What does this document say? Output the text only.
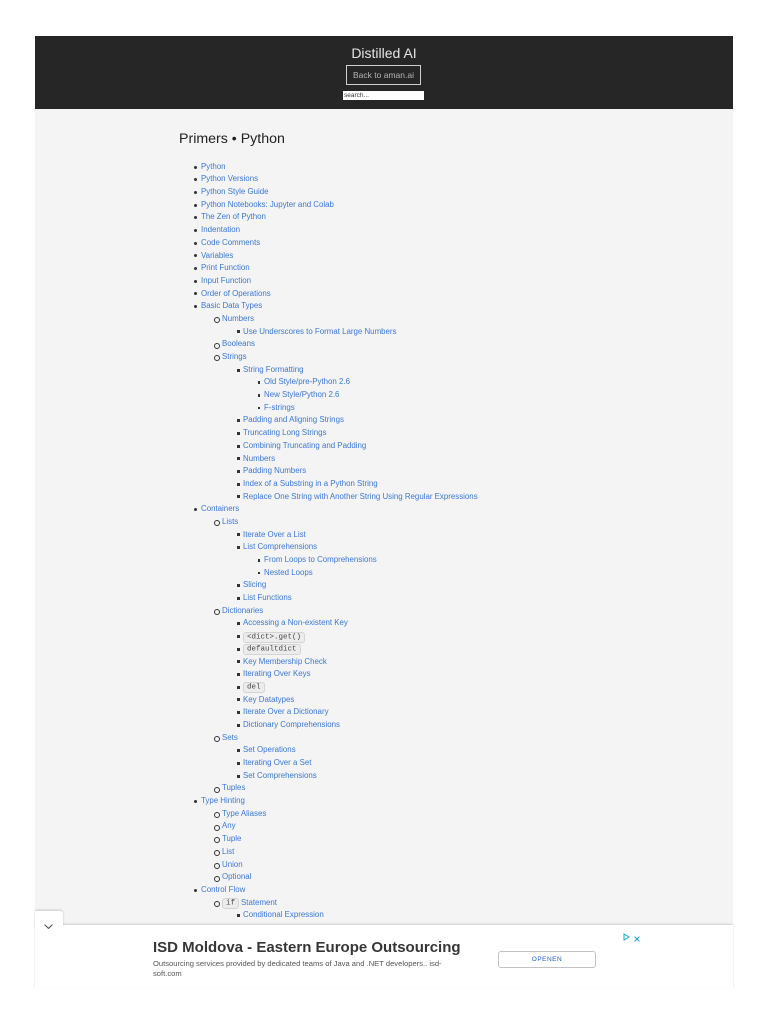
Distilled AI
Back to aman.ai
search...
Primers • Python
Python
Python Versions
Python Style Guide
Python Notebooks: Jupyter and Colab
The Zen of Python
Indentation
Code Comments
Variables
Print Function
Input Function
Order of Operations
Basic Data Types
Numbers
Use Underscores to Format Large Numbers
Booleans
Strings
String Formatting
Old Style/pre-Python 2.6
New Style/Python 2.6
F-strings
Padding and Aligning Strings
Truncating Long Strings
Combining Truncating and Padding
Numbers
Padding Numbers
Index of a Substring in a Python String
Replace One String with Another String Using Regular Expressions
Containers
Lists
Iterate Over a List
List Comprehensions
From Loops to Comprehensions
Nested Loops
Slicing
List Functions
Dictionaries
Accessing a Non-existent Key
<dict>.get()
defaultdict
Key Membership Check
Iterating Over Keys
del
Key Datatypes
Iterate Over a Dictionary
Dictionary Comprehensions
Sets
Set Operations
Iterating Over a Set
Set Comprehensions
Tuples
Type Hinting
Type Aliases
Any
Tuple
List
Union
Optional
Control Flow
if Statement
Conditional Expression
ISD Moldova - Eastern Europe Outsourcing
Outsourcing services provided by dedicated teams of Java and .NET developers.. isd-soft.com
OPENEN
